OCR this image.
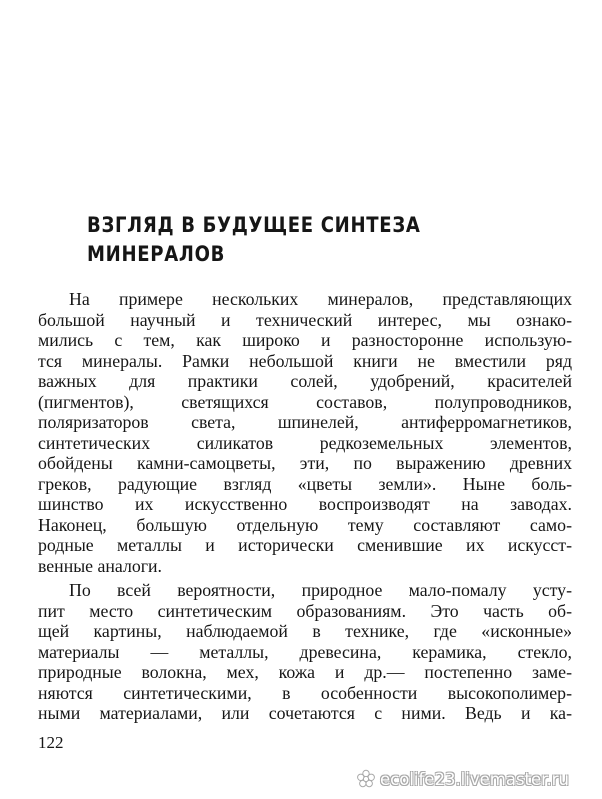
ВЗГЛЯД В БУДУЩЕЕ СИНТЕЗА
МИНЕРАЛОВ

На примере нескольких минералов, представляющих
большой научный и технический интерес, мы ознако-
мились с тем, как широко и разносторонне использую-
тся минералы. Рамки небольшой книги не вместили ряд
важных для практики солей, удобрений, красителей
(пигментов), светящихся составов, полупроводников,
поляризаторов света, шпинелей, антиферромагнетиков,
синтетических силикатов редкоземельных элементов,
обойдены камни-самоцветы, эти, по выражению древних
греков, радующие взгляд «цветы земли». Ныне боль-
шинство их искусственно воспроизводят на заводах.
Наконец, большую отдельную тему составляют само-
родные металлы и исторически сменившие их искусст-
венные аналоги.

По всей вероятности, природное мало-помалу усту-
пит место синтетическим образованиям. Это часть об-
щей картины, наблюдаемой в технике, где «исконные»
материалы — металлы, древесина, керамика, стекло,
природные волокна, мех, кожа и др.— постепенно заме-
няются синтетическими, в особенности высокополимер-
ными материалами, или сочетаются с ними. Ведь и ка-

122
ecolife23.livemaster.ru
